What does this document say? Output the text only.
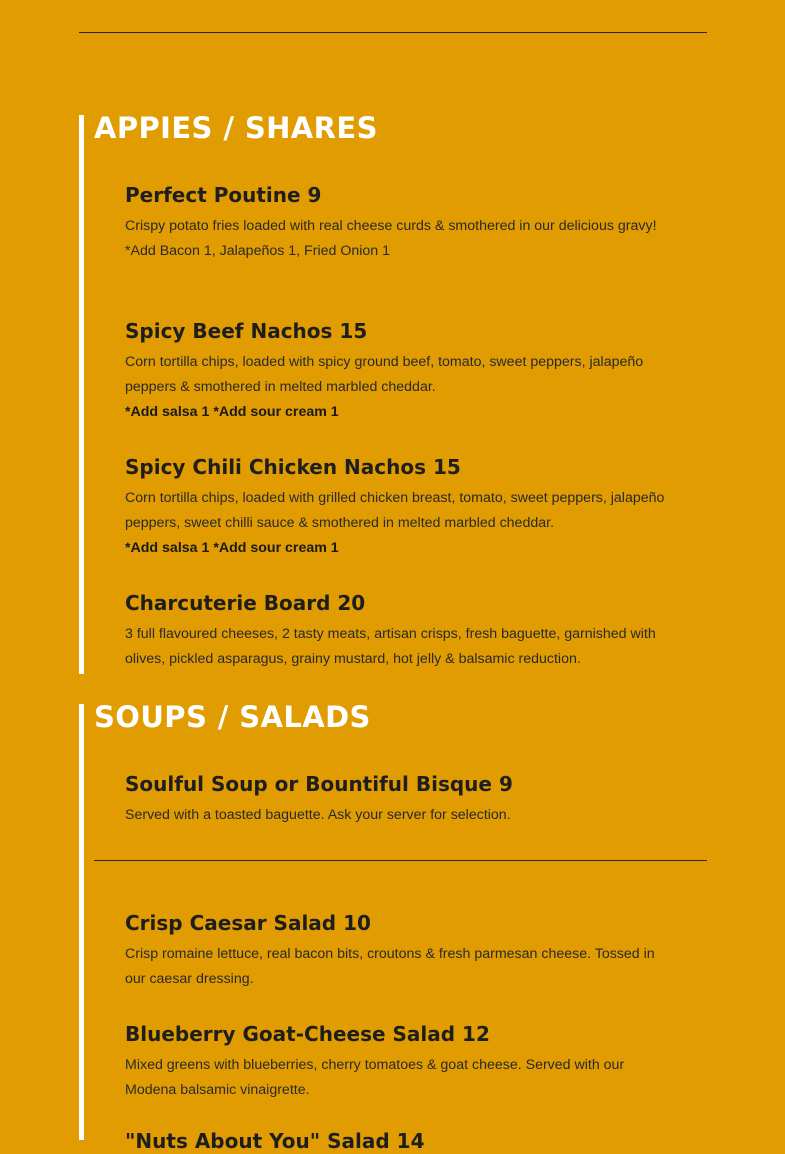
APPIES / SHARES
Perfect Poutine 9

Crispy potato fries loaded with real cheese curds & smothered in our delicious gravy!

*Add Bacon 1, Jalapeños 1, Fried Onion 1

Spicy Beef Nachos 15

Corn tortilla chips, loaded with spicy ground beef, tomato, sweet peppers, jalapeño peppers & smothered in melted marbled cheddar.

*Add salsa 1 *Add sour cream 1

Spicy Chili Chicken Nachos 15

Corn tortilla chips, loaded with grilled chicken breast, tomato, sweet peppers, jalapeño peppers, sweet chilli sauce & smothered in melted marbled cheddar.

*Add salsa 1 *Add sour cream 1

Charcuterie Board 20

3 full flavoured cheeses, 2 tasty meats, artisan crisps, fresh baguette, garnished with olives, pickled asparagus, grainy mustard, hot jelly & balsamic reduction.

SOUPS / SALADS
Soulful Soup or Bountiful Bisque 9

Served with a toasted baguette. Ask your server for selection.

Crisp Caesar Salad 10

Crisp romaine lettuce, real bacon bits, croutons & fresh parmesan cheese. Tossed in our caesar dressing.

Blueberry Goat-Cheese Salad 12

Mixed greens with blueberries, cherry tomatoes & goat cheese. Served with our Modena balsamic vinaigrette.

"Nuts About You" Salad 14
